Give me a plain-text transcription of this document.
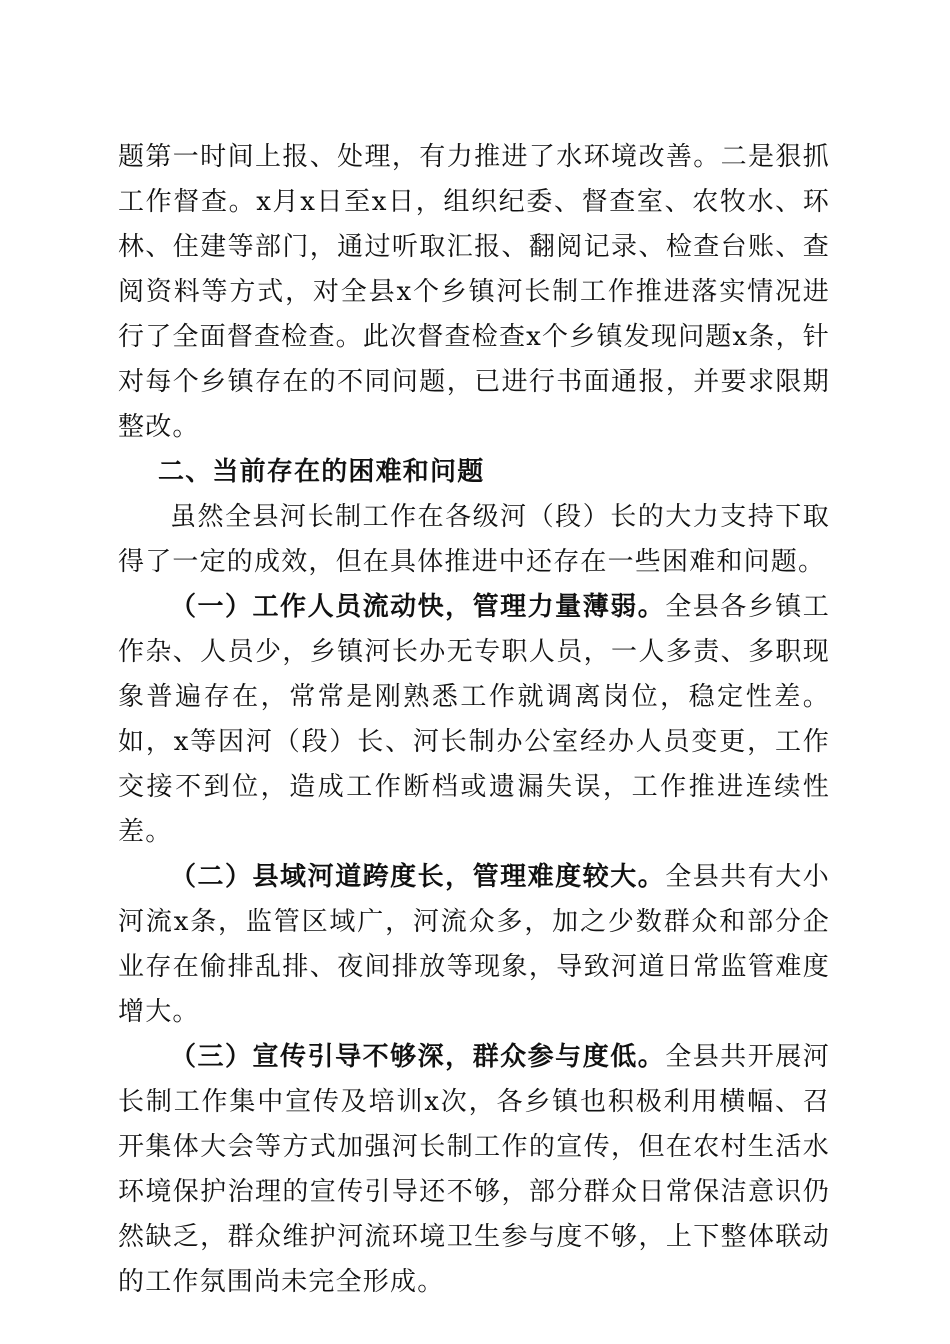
题第一时间上报、处理，有力推进了水环境改善。二是狠抓工作督查。x月x日至x日，组织纪委、督查室、农牧水、环林、住建等部门，通过听取汇报、翻阅记录、检查台账、查阅资料等方式，对全县x个乡镇河长制工作推进落实情况进行了全面督查检查。此次督查检查x个乡镇发现问题x条，针对每个乡镇存在的不同问题，已进行书面通报，并要求限期整改。

二、当前存在的困难和问题

虽然全县河长制工作在各级河（段）长的大力支持下取得了一定的成效，但在具体推进中还存在一些困难和问题。

（一）工作人员流动快，管理力量薄弱。全县各乡镇工作杂、人员少，乡镇河长办无专职人员，一人多责、多职现象普遍存在，常常是刚熟悉工作就调离岗位，稳定性差。如，x等因河（段）长、河长制办公室经办人员变更，工作交接不到位，造成工作断档或遗漏失误，工作推进连续性差。

（二）县域河道跨度长，管理难度较大。全县共有大小河流x条，监管区域广，河流众多，加之少数群众和部分企业存在偷排乱排、夜间排放等现象，导致河道日常监管难度增大。

（三）宣传引导不够深，群众参与度低。全县共开展河长制工作集中宣传及培训x次，各乡镇也积极利用横幅、召开集体大会等方式加强河长制工作的宣传，但在农村生活水环境保护治理的宣传引导还不够，部分群众日常保洁意识仍然缺乏，群众维护河流环境卫生参与度不够，上下整体联动的工作氛围尚未完全形成。
